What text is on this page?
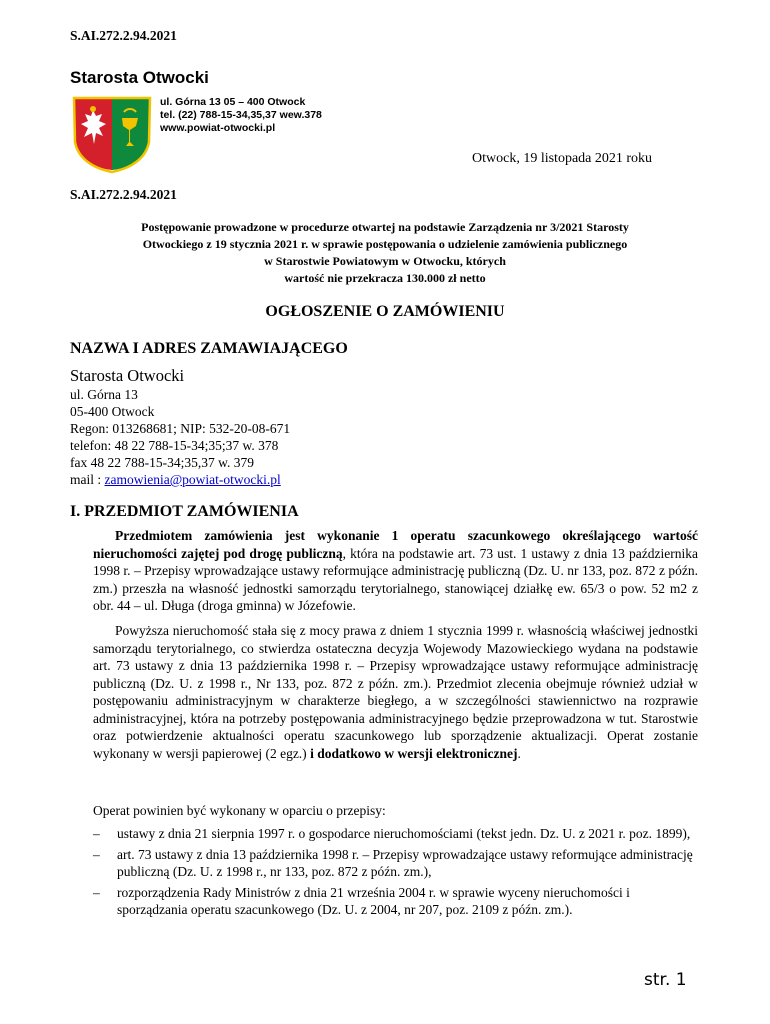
S.AI.272.2.94.2021
Starosta Otwocki
ul. Górna 13 05 – 400 Otwock
tel. (22) 788-15-34,35,37 wew.378
www.powiat-otwocki.pl
Otwock, 19 listopada 2021 roku
S.AI.272.2.94.2021
Postępowanie prowadzone w procedurze otwartej na podstawie Zarządzenia nr 3/2021 Starosty
Otwockiego z 19 stycznia 2021 r. w sprawie postępowania o udzielenie zamówienia publicznego
w Starostwie Powiatowym w Otwocku, których
wartość nie przekracza 130.000 zł netto
OGŁOSZENIE O ZAMÓWIENIU
NAZWA I ADRES ZAMAWIAJĄCEGO
Starosta Otwocki
ul. Górna 13
05-400 Otwock
Regon: 013268681; NIP: 532-20-08-671
telefon: 48 22 788-15-34;35;37 w. 378
fax 48 22 788-15-34;35,37 w. 379
mail : zamowienia@powiat-otwocki.pl
I. PRZEDMIOT ZAMÓWIENIA
Przedmiotem zamówienia jest wykonanie 1 operatu szacunkowego określającego wartość nieruchomości zajętej pod drogę publiczną, która na podstawie art. 73 ust. 1 ustawy z dnia 13 października 1998 r. – Przepisy wprowadzające ustawy reformujące administrację publiczną (Dz. U. nr 133, poz. 872 z późn. zm.) przeszła na własność jednostki samorządu terytorialnego, stanowiącej działkę ew. 65/3 o pow. 52 m2 z obr. 44 – ul. Długa (droga gminna) w Józefowie.
Powyższa nieruchomość stała się z mocy prawa z dniem 1 stycznia 1999 r. własnością właściwej jednostki samorządu terytorialnego, co stwierdza ostateczna decyzja Wojewody Mazowieckiego wydana na podstawie art. 73 ustawy z dnia 13 października 1998 r. – Przepisy wprowadzające ustawy reformujące administrację publiczną (Dz. U. z 1998 r., Nr 133, poz. 872 z późn. zm.). Przedmiot zlecenia obejmuje również udział w postępowaniu administracyjnym w charakterze biegłego, a w szczególności stawiennictwo na rozprawie administracyjnej, która na potrzeby postępowania administracyjnego będzie przeprowadzona w tut. Starostwie oraz potwierdzenie aktualności operatu szacunkowego lub sporządzenie aktualizacji. Operat zostanie wykonany w wersji papierowej (2 egz.) i dodatkowo w wersji elektronicznej.
Operat powinien być wykonany w oparciu o przepisy:
– ustawy z dnia 21 sierpnia 1997 r. o gospodarce nieruchomościami (tekst jedn. Dz. U. z 2021 r. poz. 1899),
– art. 73 ustawy z dnia 13 października 1998 r. – Przepisy wprowadzające ustawy reformujące administrację publiczną (Dz. U. z 1998 r., nr 133, poz. 872 z późn. zm.),
– rozporządzenia Rady Ministrów z dnia 21 września 2004 r. w sprawie wyceny nieruchomości i sporządzania operatu szacunkowego (Dz. U. z 2004, nr 207, poz. 2109 z późn. zm.).
str. 1
